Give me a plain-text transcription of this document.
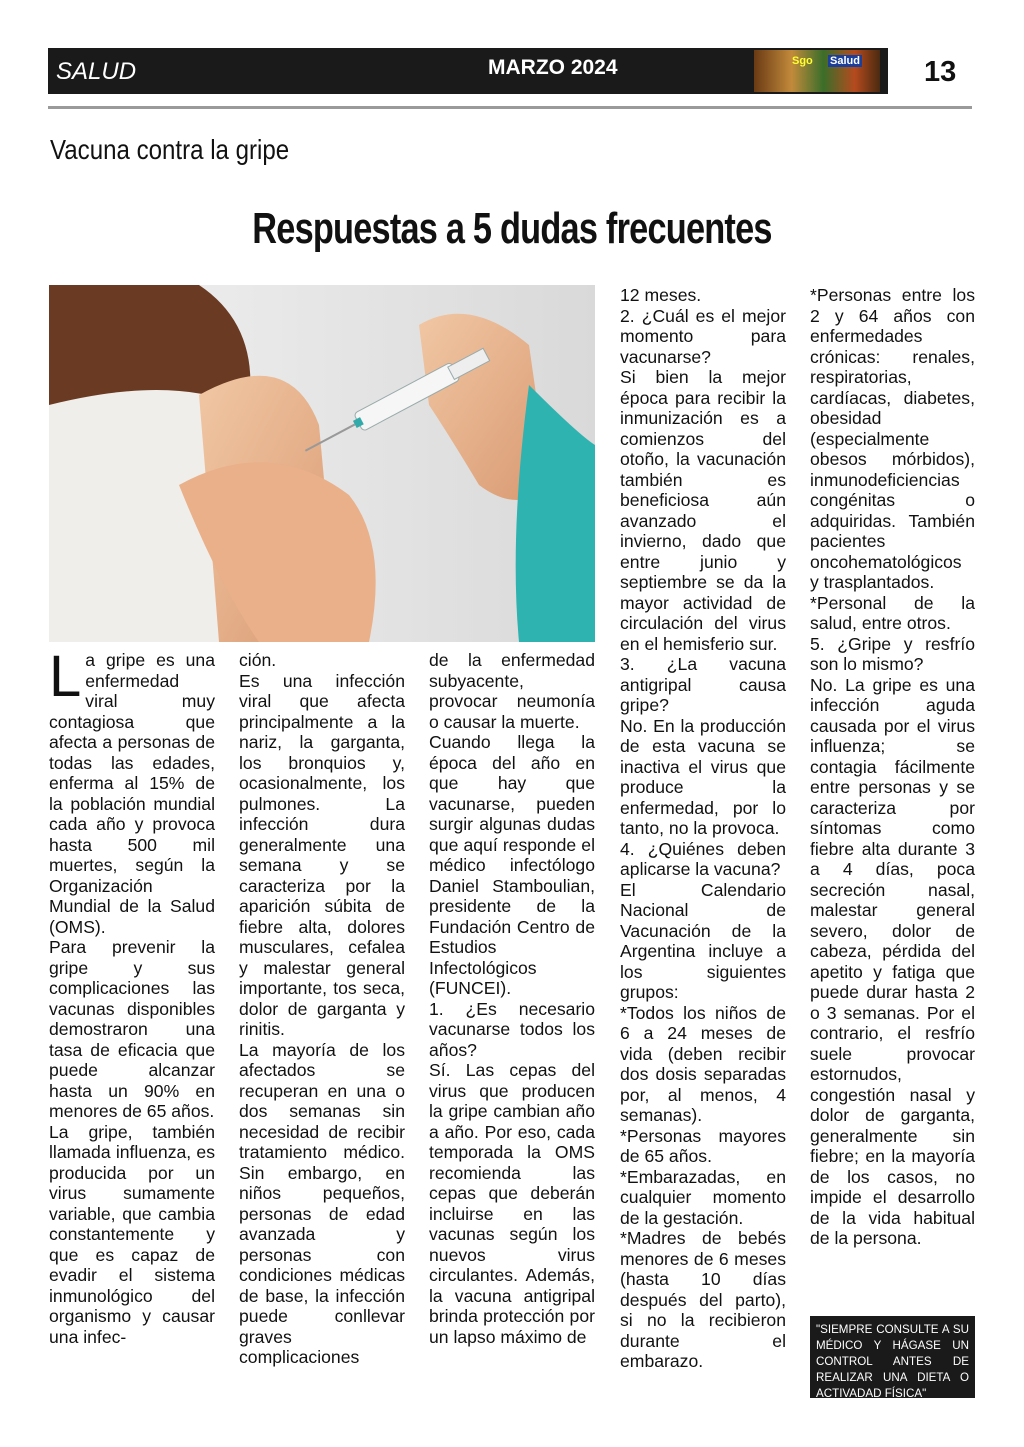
SALUD	MARZO 2024	Sgo Salud 13
Vacuna contra la gripe
Respuestas a 5 dudas frecuentes

La gripe es una enfermedad viral muy contagiosa que afecta a personas de todas las edades, enferma al 15% de la población mundial cada año y provoca hasta 500 mil muertes, según la Organización Mundial de la Salud (OMS).

Para prevenir la gripe y sus complicaciones las vacunas disponibles demostraron una tasa de eficacia que puede alcanzar hasta un 90% en menores de 65 años.

La gripe, también llamada influenza, es producida por un virus sumamente variable, que cambia constantemente y que es capaz de evadir el sistema inmunológico del organismo y causar una infec-

ción.

Es una infección viral que afecta principalmente a la nariz, la garganta, los bronquios y, ocasionalmente, los pulmones. La infección dura generalmente una semana y se caracteriza por la aparición súbita de fiebre alta, dolores musculares, cefalea y malestar general importante, tos seca, dolor de garganta y rinitis.

La mayoría de los afectados se recuperan en una o dos semanas sin necesidad de recibir tratamiento médico. Sin embargo, en niños pequeños, personas de edad avanzada y personas con condiciones médicas de base, la infección puede conllevar graves complicaciones

de la enfermedad subyacente, provocar neumonía o causar la muerte.

Cuando llega la época del año en que hay que vacunarse, pueden surgir algunas dudas que aquí responde el médico infectólogo Daniel Stamboulian, presidente de la Fundación Centro de Estudios Infectológicos (FUNCEI).

1. ¿Es necesario vacunarse todos los años?

Sí. Las cepas del virus que producen la gripe cambian año a año. Por eso, cada temporada la OMS recomienda las cepas que deberán incluirse en las vacunas según los nuevos virus circulantes. Además, la vacuna antigripal brinda protección por un lapso máximo de

12 meses.

2. ¿Cuál es el mejor momento para vacunarse?

Si bien la mejor época para recibir la inmunización es a comienzos del otoño, la vacunación también es beneficiosa aún avanzado el invierno, dado que entre junio y septiembre se da la mayor actividad de circulación del virus en el hemisferio sur.

3. ¿La vacuna antigripal causa gripe?

No. En la producción de esta vacuna se inactiva el virus que produce la enfermedad, por lo tanto, no la provoca.

4. ¿Quiénes deben aplicarse la vacuna?

El Calendario Nacional de Vacunación de la Argentina incluye a los siguientes grupos:

*Todos los niños de 6 a 24 meses de vida (deben recibir dos dosis separadas por, al menos, 4 semanas).

*Personas mayores de 65 años.

*Embarazadas, en cualquier momento de la gestación.

*Madres de bebés menores de 6 meses (hasta 10 días después del parto), si no la recibieron durante el embarazo.

*Personas entre los 2 y 64 años con enfermedades crónicas: renales, respiratorias, cardíacas, diabetes, obesidad (especialmente obesos mórbidos), inmunodeficiencias congénitas o adquiridas. También pacientes oncohematológicos y trasplantados.

*Personal de la salud, entre otros.

5. ¿Gripe y resfrío son lo mismo?

No. La gripe es una infección aguda causada por el virus influenza; se contagia fácilmente entre personas y se caracteriza por síntomas como fiebre alta durante 3 a 4 días, poca secreción nasal, malestar general severo, dolor de cabeza, pérdida del apetito y fatiga que puede durar hasta 2 o 3 semanas. Por el contrario, el resfrío suele provocar estornudos, congestión nasal y dolor de garganta, generalmente sin fiebre; en la mayoría de los casos, no impide el desarrollo de la vida habitual de la persona.

"SIEMPRE CONSULTE A SU MÉDICO Y HÁGASE UN CONTROL ANTES DE REALIZAR UNA DIETA O ACTIVADAD FÍSICA"
